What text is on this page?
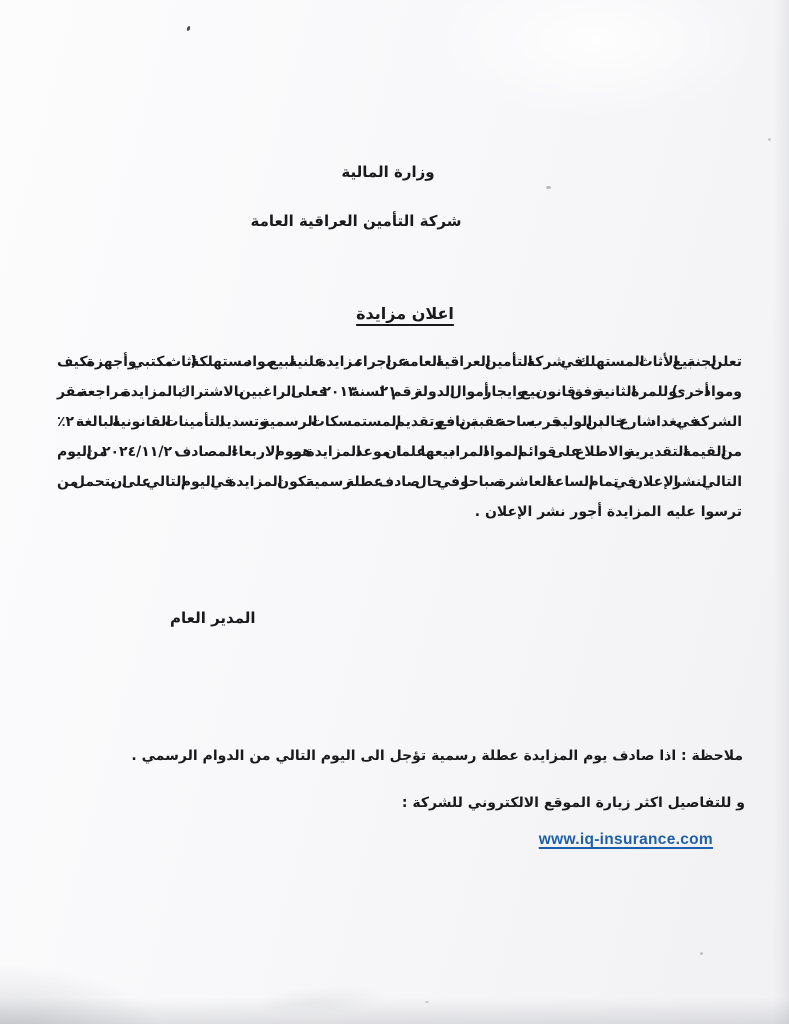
وزارة المالية
شركة التأمين العراقية العامة
اعلان مزايدة
تعلن لجنة بيع الأثاث المستهلك في شركة التأمين العراقية العامة عن اجراء مزايدة علنية لبيع مواد مستهلكة ( اثاث مكتبي وأجهزة تكيف
ومواد أخرى ) وللمرة الثانية وفق قانون بيع وايجار أموال الدولة رقم ٢١ لسنة ٢٠١٣ فعلى الراغبين بالاشتراك بالمزايدة مراجعة مقر
الشركة في بغداد شارع خالد بن الوليد – قرب ساحة عقبة بن نافع وتقديم المستمسكات الرسمية وتسديد التأمينات القانونية البالغة ٢٠٪
من القيمة التقديرية والاطلاع على قوائم المواد المراد بيعها علما ان موعد المزايدة هو يوم الاربعاء المصادف ٢٠٢٤/١١/٢٠ من اليوم
التالي لنشر الإعلان في تمام الساعة العاشرة صباحا وفي حال صادف عطلة رسمية تكون المزايدة في اليوم التالي على ان يتحمل من
ترسوا عليه المزايدة أجور نشر الإعلان .
المدير العام
ملاحظة : اذا صادف يوم المزايدة عطلة رسمية تؤجل الى اليوم التالي من الدوام الرسمي .
و للتفاصيل اكثر زيارة الموقع الالكتروني للشركة :
www.iq-insurance.com
